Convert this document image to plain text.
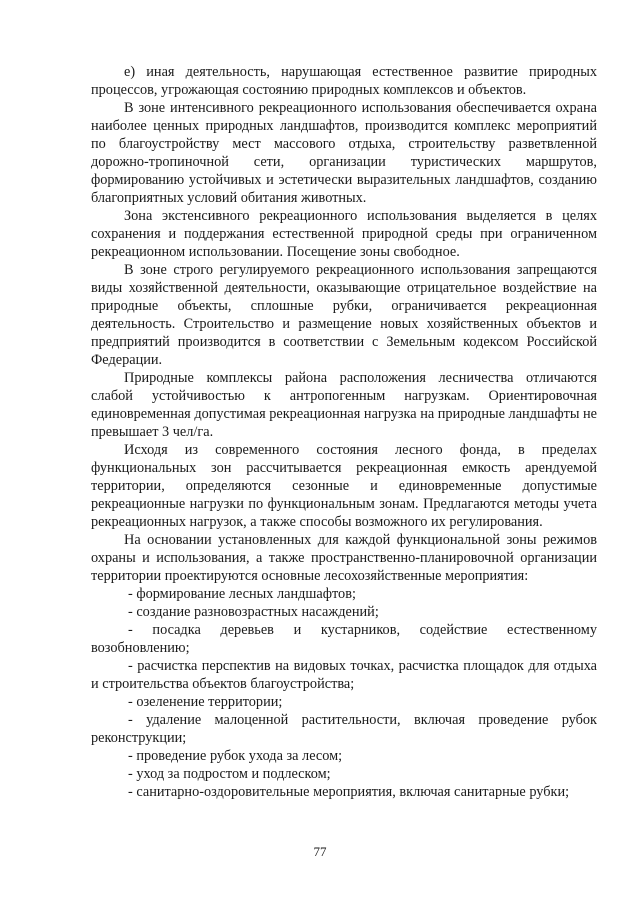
е) иная деятельность, нарушающая естественное развитие природных процессов, угрожающая состоянию природных комплексов и объектов.

В зоне интенсивного рекреационного использования обеспечивается охрана наиболее ценных природных ландшафтов, производится комплекс мероприятий по благоустройству мест массового отдыха, строительству разветвленной дорожно-тропиночной сети, организации туристических маршрутов, формированию устойчивых и эстетически выразительных ландшафтов, созданию благоприятных условий обитания животных.

Зона экстенсивного рекреационного использования выделяется в целях сохранения и поддержания естественной природной среды при ограниченном рекреационном использовании. Посещение зоны свободное.

В зоне строго регулируемого рекреационного использования запрещаются виды хозяйственной деятельности, оказывающие отрицательное воздействие на природные объекты, сплошные рубки, ограничивается рекреационная деятельность. Строительство и размещение новых хозяйственных объектов и предприятий производится в соответствии с Земельным кодексом Российской Федерации.

Природные комплексы района расположения лесничества отличаются слабой устойчивостью к антропогенным нагрузкам. Ориентировочная единовременная допустимая рекреационная нагрузка на природные ландшафты не превышает 3 чел/га.

Исходя из современного состояния лесного фонда, в пределах функциональных зон рассчитывается рекреационная емкость арендуемой территории, определяются сезонные и единовременные допустимые рекреационные нагрузки по функциональным зонам. Предлагаются методы учета рекреационных нагрузок, а также способы возможного их регулирования.

На основании установленных для каждой функциональной зоны режимов охраны и использования, а также пространственно-планировочной организации территории проектируются основные лесохозяйственные мероприятия:

- формирование лесных ландшафтов;

- создание разновозрастных насаждений;

- посадка деревьев и кустарников, содействие естественному возобновлению;

- расчистка перспектив на видовых точках, расчистка площадок для отдыха и строительства объектов благоустройства;

- озеленение территории;

- удаление малоценной растительности, включая проведение рубок реконструкции;

- проведение рубок ухода за лесом;

- уход за подростом и подлеском;

- санитарно-оздоровительные мероприятия, включая санитарные рубки;

77
